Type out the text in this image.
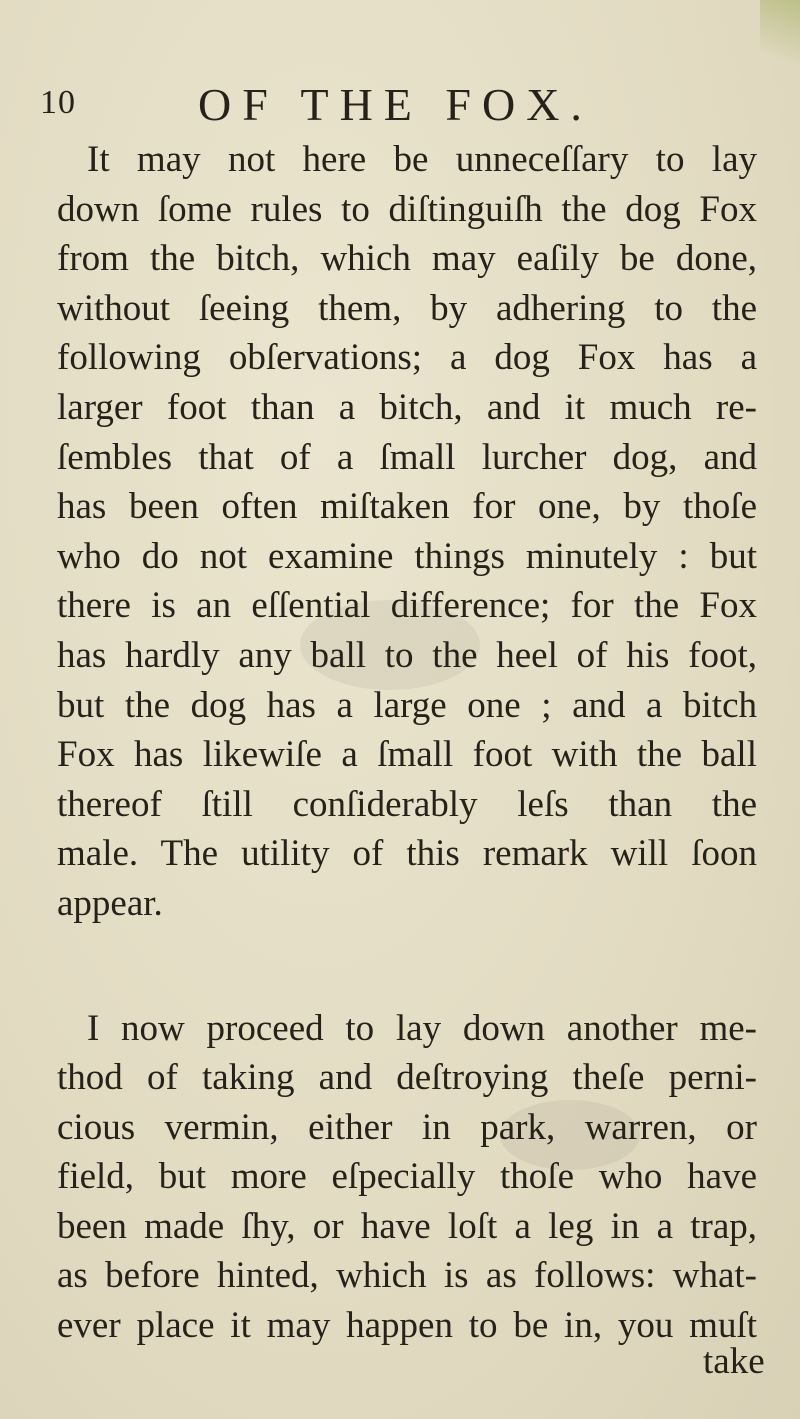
10	OF THE FOX.
It may not here be unneceſſary to lay
down ſome rules to diſtinguiſh the dog Fox
from the bitch, which may eaſily be done,
without ſeeing them, by adhering to the
following obſervations; a dog Fox has a
larger foot than a bitch, and it much re-
ſembles that of a ſmall lurcher dog, and
has been often miſtaken for one, by thoſe
who do not examine things minutely : but
there is an eſſential difference; for the Fox
has hardly any ball to the heel of his foot,
but the dog has a large one ; and a bitch
Fox has likewiſe a ſmall foot with the ball
thereof ſtill conſiderably leſs than the
male. The utility of this remark will ſoon
appear.
I now proceed to lay down another me-
thod of taking and deſtroying theſe perni-
cious vermin, either in park, warren, or
field, but more eſpecially thoſe who have
been made ſhy, or have loſt a leg in a trap,
as before hinted, which is as follows: what-
ever place it may happen to be in, you muſt
take
